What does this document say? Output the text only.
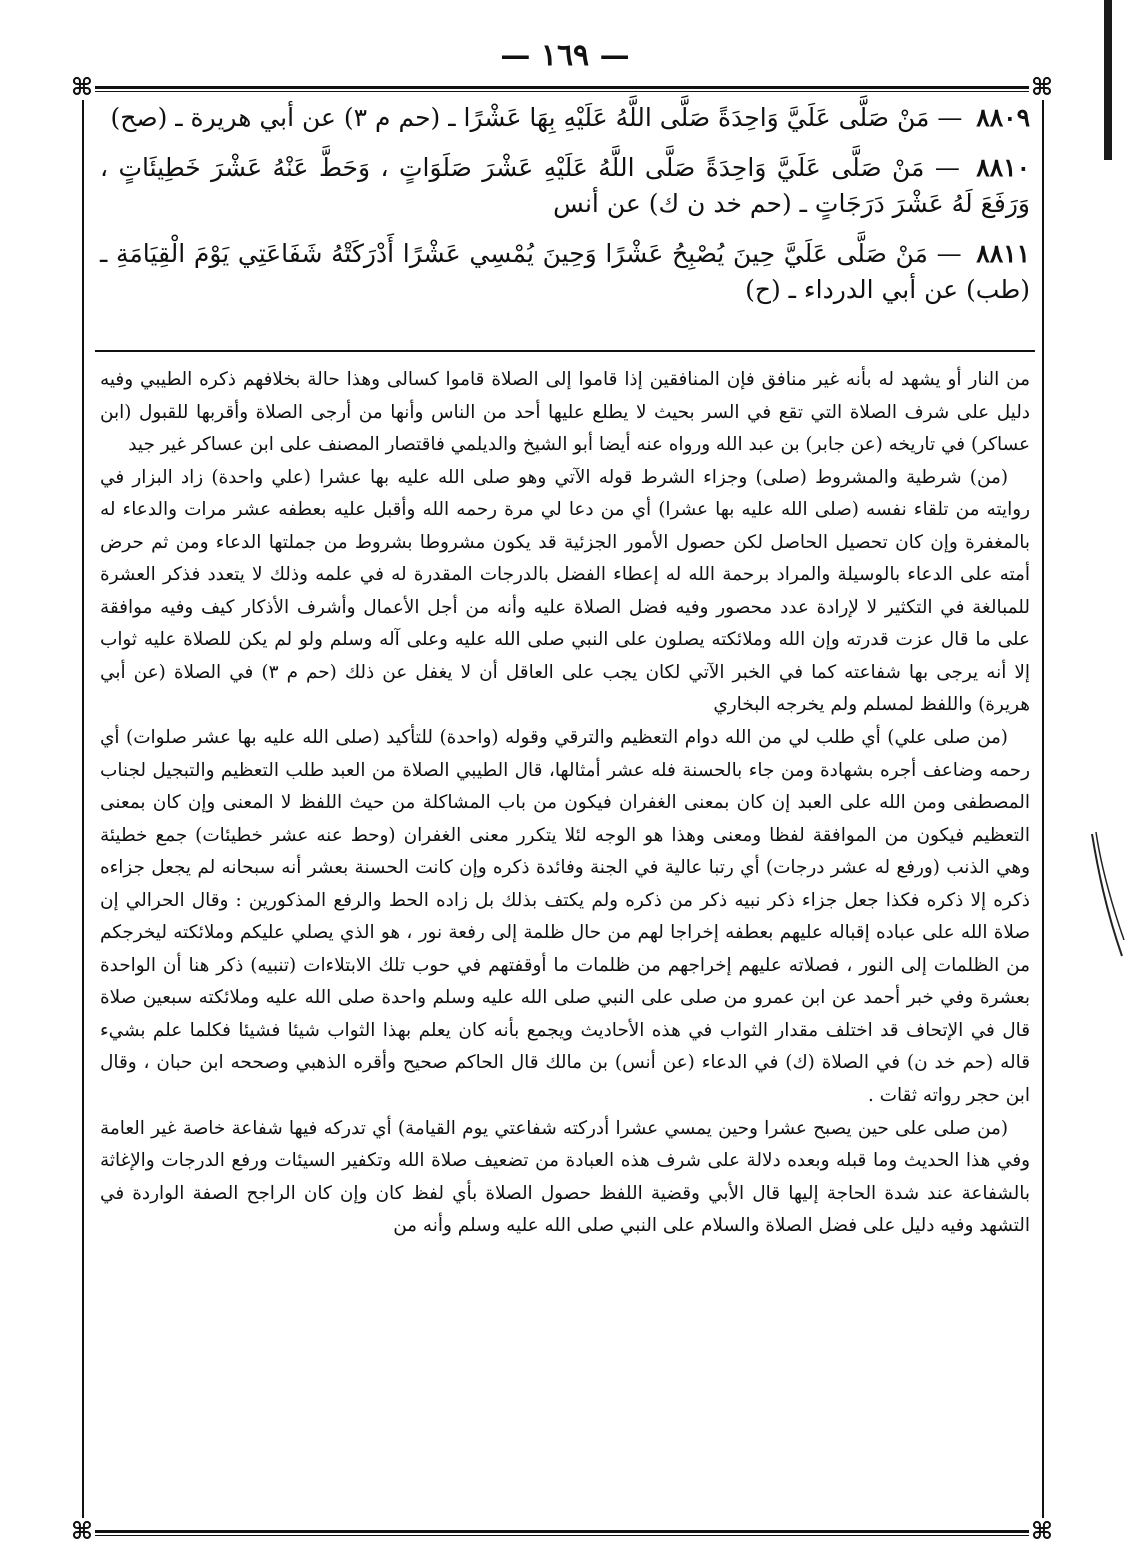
— ١٦٩ —
⌘	⌘
⌘	⌘
٨٨٠٩ — مَنْ صَلَّى عَلَيَّ وَاحِدَةً صَلَّى اللَّهُ عَلَيْهِ بِهَا عَشْرًا ـ (حم م ٣) عن أبي هريرة ـ (صح)
٨٨١٠ — مَنْ صَلَّى عَلَيَّ وَاحِدَةً صَلَّى اللَّهُ عَلَيْهِ عَشْرَ صَلَوَاتٍ ، وَحَطَّ عَنْهُ عَشْرَ خَطِيئَاتٍ ، وَرَفَعَ لَهُ عَشْرَ دَرَجَاتٍ ـ (حم خد ن ك) عن أنس
٨٨١١ — مَنْ صَلَّى عَلَيَّ حِينَ يُصْبِحُ عَشْرًا وَحِينَ يُمْسِي عَشْرًا أَدْرَكَتْهُ شَفَاعَتِي يَوْمَ الْقِيَامَةِ ـ (طب) عن أبي الدرداء ـ (ح)

من النار أو يشهد له بأنه غير منافق فإن المنافقين إذا قاموا إلى الصلاة قاموا كسالى وهذا حالة بخلافهم ذكره الطيبي وفيه دليل على شرف الصلاة التي تقع في السر بحيث لا يطلع عليها أحد من الناس وأنها من أرجى الصلاة وأقربها للقبول (ابن عساكر) في تاريخه (عن جابر) بن عبد الله ورواه عنه أيضا أبو الشيخ والديلمي فاقتصار المصنف على ابن عساكر غير جيد

(من) شرطية والمشروط (صلى) وجزاء الشرط قوله الآتي وهو صلى الله عليه بها عشرا (علي واحدة) زاد البزار في روايته من تلقاء نفسه (صلى الله عليه بها عشرا) أي من دعا لي مرة رحمه الله وأقبل عليه بعطفه عشر مرات والدعاء له بالمغفرة وإن كان تحصيل الحاصل لكن حصول الأمور الجزئية قد يكون مشروطا بشروط من جملتها الدعاء ومن ثم حرض أمته على الدعاء بالوسيلة والمراد برحمة الله له إعطاء الفضل بالدرجات المقدرة له في علمه وذلك لا يتعدد فذكر العشرة للمبالغة في التكثير لا لإرادة عدد محصور وفيه فضل الصلاة عليه وأنه من أجل الأعمال وأشرف الأذكار كيف وفيه موافقة على ما قال عزت قدرته وإن الله وملائكته يصلون على النبي صلى الله عليه وعلى آله وسلم ولو لم يكن للصلاة عليه ثواب إلا أنه يرجى بها شفاعته كما في الخبر الآتي لكان يجب على العاقل أن لا يغفل عن ذلك (حم م ٣) في الصلاة (عن أبي هريرة) واللفظ لمسلم ولم يخرجه البخاري

(من صلى علي) أي طلب لي من الله دوام التعظيم والترقي وقوله (واحدة) للتأكيد (صلى الله عليه بها عشر صلوات) أي رحمه وضاعف أجره بشهادة ومن جاء بالحسنة فله عشر أمثالها، قال الطيبي الصلاة من العبد طلب التعظيم والتبجيل لجناب المصطفى ومن الله على العبد إن كان بمعنى الغفران فيكون من باب المشاكلة من حيث اللفظ لا المعنى وإن كان بمعنى التعظيم فيكون من الموافقة لفظا ومعنى وهذا هو الوجه لئلا يتكرر معنى الغفران (وحط عنه عشر خطيئات) جمع خطيئة وهي الذنب (ورفع له عشر درجات) أي رتبا عالية في الجنة وفائدة ذكره وإن كانت الحسنة بعشر أنه سبحانه لم يجعل جزاءه ذكره إلا ذكره فكذا جعل جزاء ذكر نبيه ذكر من ذكره ولم يكتف بذلك بل زاده الحط والرفع المذكورين : وقال الحرالي إن صلاة الله على عباده إقباله عليهم بعطفه إخراجا لهم من حال ظلمة إلى رفعة نور ، هو الذي يصلي عليكم وملائكته ليخرجكم من الظلمات إلى النور ، فصلاته عليهم إخراجهم من ظلمات ما أوقفتهم في حوب تلك الابتلاءات (تنبيه) ذكر هنا أن الواحدة بعشرة وفي خبر أحمد عن ابن عمرو من صلى على النبي صلى الله عليه وسلم واحدة صلى الله عليه وملائكته سبعين صلاة قال في الإتحاف قد اختلف مقدار الثواب في هذه الأحاديث ويجمع بأنه كان يعلم بهذا الثواب شيئا فشيئا فكلما علم بشيء قاله (حم خد ن) في الصلاة (ك) في الدعاء (عن أنس) بن مالك قال الحاكم صحيح وأقره الذهبي وصححه ابن حبان ، وقال ابن حجر رواته ثقات .

(من صلى على حين يصبح عشرا وحين يمسي عشرا أدركته شفاعتي يوم القيامة) أي تدركه فيها شفاعة خاصة غير العامة وفي هذا الحديث وما قبله وبعده دلالة على شرف هذه العبادة من تضعيف صلاة الله وتكفير السيئات ورفع الدرجات والإغاثة بالشفاعة عند شدة الحاجة إليها قال الأبي وقضية اللفظ حصول الصلاة بأي لفظ كان وإن كان الراجح الصفة الواردة في التشهد وفيه دليل على فضل الصلاة والسلام على النبي صلى الله عليه وسلم وأنه من
